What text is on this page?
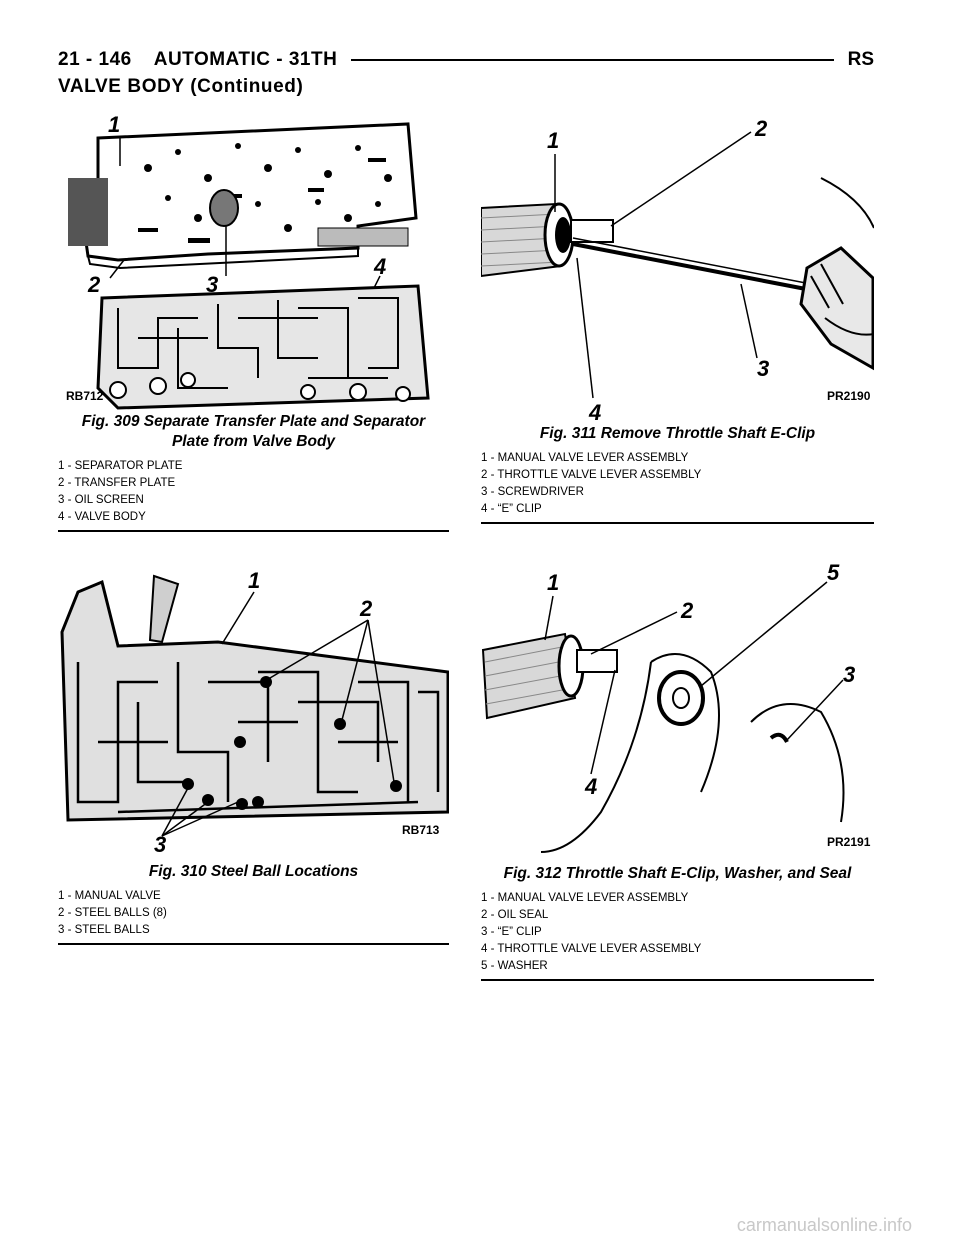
21 - 146 AUTOMATIC - 31TH	RS
VALVE BODY (Continued)
1
2	3
4
RB712
Fig. 309 Separate Transfer Plate and Separator
Plate from Valve Body
1 - SEPARATOR PLATE
2 - TRANSFER PLATE
3 - OIL SCREEN
4 - VALVE BODY
1	2
3
4
PR2190
Fig. 311 Remove Throttle Shaft E-Clip
1 - MANUAL VALVE LEVER ASSEMBLY
2 - THROTTLE VALVE LEVER ASSEMBLY
3 - SCREWDRIVER
4 - “E” CLIP
1
2
3
RB713
Fig. 310 Steel Ball Locations
1 - MANUAL VALVE
2 - STEEL BALLS (8)
3 - STEEL BALLS
1
2
5
3
4
PR2191
Fig. 312 Throttle Shaft E-Clip, Washer, and Seal
1 - MANUAL VALVE LEVER ASSEMBLY
2 - OIL SEAL
3 - “E” CLIP
4 - THROTTLE VALVE LEVER ASSEMBLY
5 - WASHER
carmanualsonline.info
